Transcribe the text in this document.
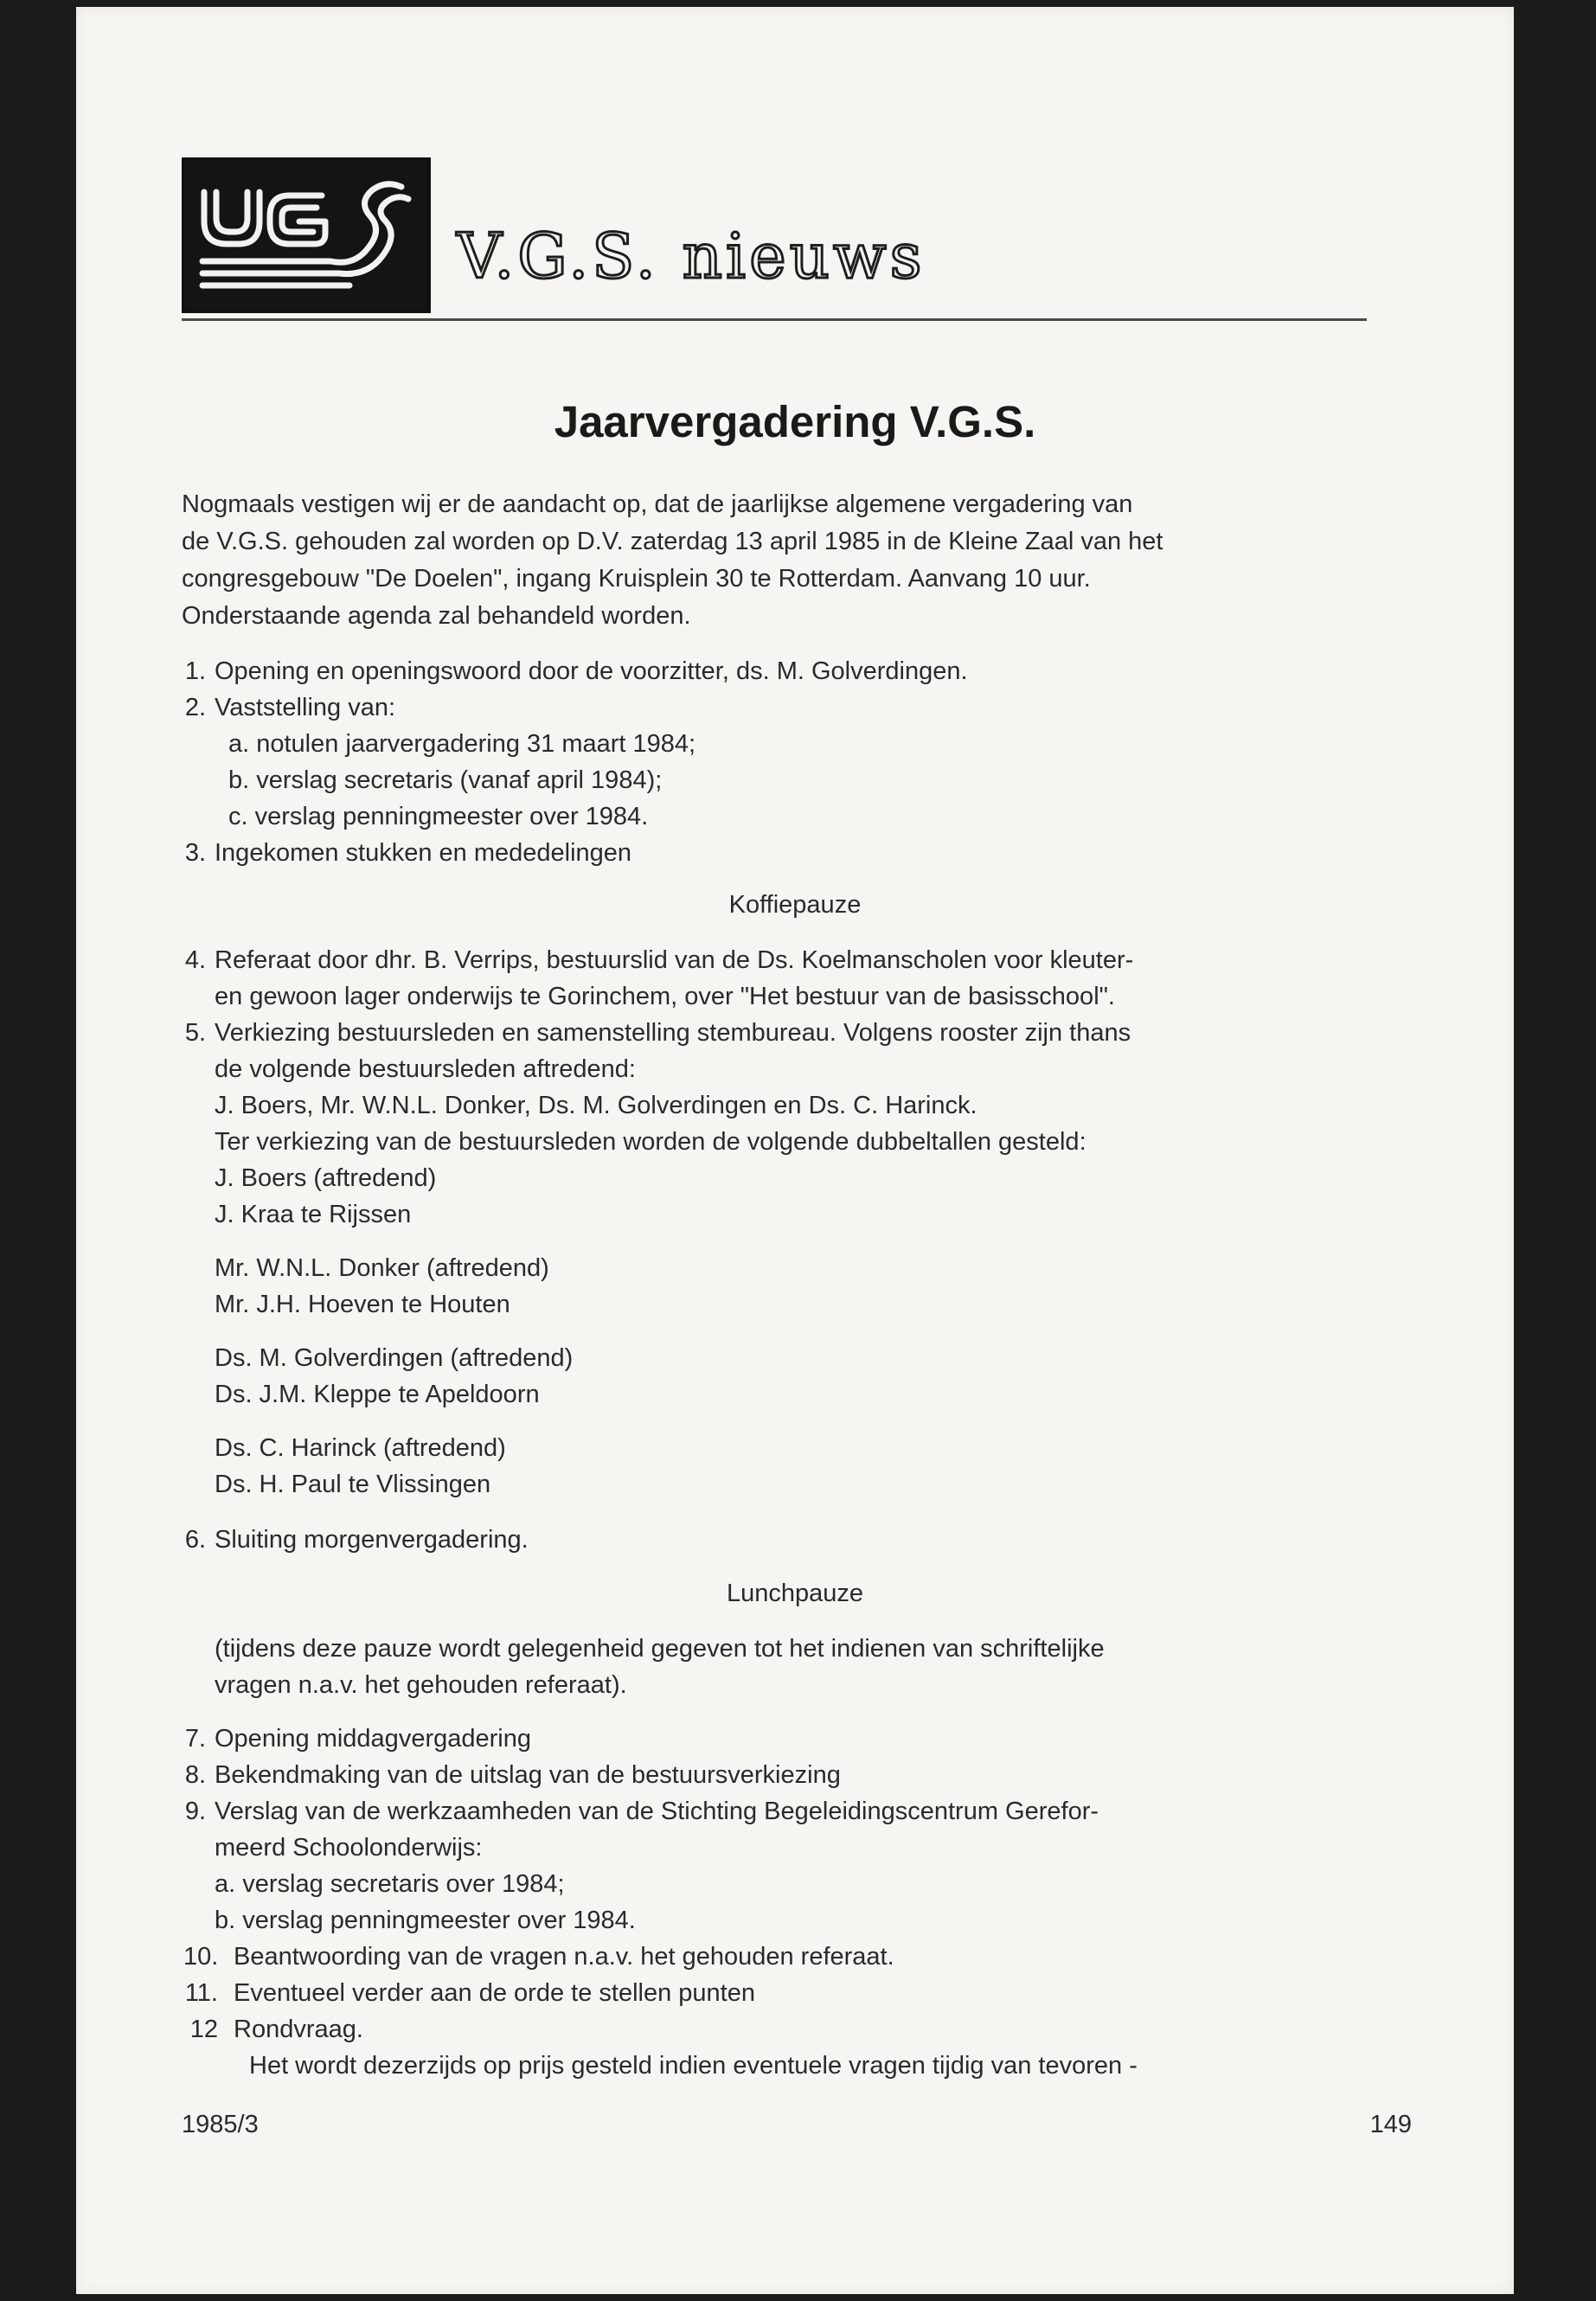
V.G.S. nieuws
Jaarvergadering V.G.S.
Nogmaals vestigen wij er de aandacht op, dat de jaarlijkse algemene vergadering van
de V.G.S. gehouden zal worden op D.V. zaterdag 13 april 1985 in de Kleine Zaal van het
congresgebouw "De Doelen", ingang Kruisplein 30 te Rotterdam. Aanvang 10 uur.
Onderstaande agenda zal behandeld worden.
1. Opening en openingswoord door de voorzitter, ds. M. Golverdingen.
2. Vaststelling van:
a. notulen jaarvergadering 31 maart 1984;
b. verslag secretaris (vanaf april 1984);
c. verslag penningmeester over 1984.
3. Ingekomen stukken en mededelingen
Koffiepauze
4. Referaat door dhr. B. Verrips, bestuurslid van de Ds. Koelmanscholen voor kleuter-
en gewoon lager onderwijs te Gorinchem, over "Het bestuur van de basisschool".
5. Verkiezing bestuursleden en samenstelling stembureau. Volgens rooster zijn thans
de volgende bestuursleden aftredend:
J. Boers, Mr. W.N.L. Donker, Ds. M. Golverdingen en Ds. C. Harinck.
Ter verkiezing van de bestuursleden worden de volgende dubbeltallen gesteld:
J. Boers (aftredend)
J. Kraa te Rijssen
Mr. W.N.L. Donker (aftredend)
Mr. J.H. Hoeven te Houten
Ds. M. Golverdingen (aftredend)
Ds. J.M. Kleppe te Apeldoorn
Ds. C. Harinck (aftredend)
Ds. H. Paul te Vlissingen
6. Sluiting morgenvergadering.
Lunchpauze
(tijdens deze pauze wordt gelegenheid gegeven tot het indienen van schriftelijke
vragen n.a.v. het gehouden referaat).
7. Opening middagvergadering
8. Bekendmaking van de uitslag van de bestuursverkiezing
9. Verslag van de werkzaamheden van de Stichting Begeleidingscentrum Gerefor-
meerd Schoolonderwijs:
a. verslag secretaris over 1984;
b. verslag penningmeester over 1984.
10. Beantwoording van de vragen n.a.v. het gehouden referaat.
11. Eventueel verder aan de orde te stellen punten
12 Rondvraag.
Het wordt dezerzijds op prijs gesteld indien eventuele vragen tijdig van tevoren -
1985/3	149
